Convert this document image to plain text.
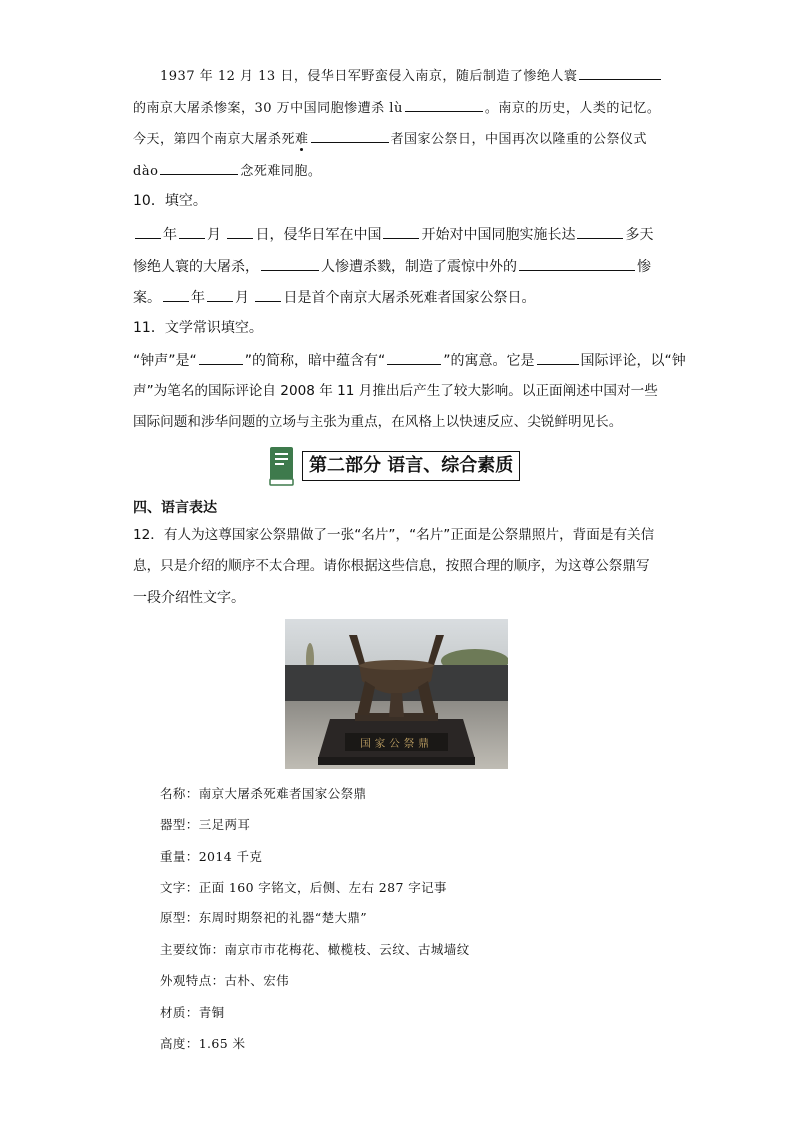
1937 年 12 月 13 日，侵华日军野蛮侵入南京，随后制造了惨绝人寰
的南京大屠杀惨案，30 万中国同胞惨遭杀 lù	。南京的历史，人类的记忆。
今天，第四个南京大屠杀死难	者国家公祭日，中国再次以隆重的公祭仪式
dào	念死难同胞。
10．填空。
年 月 日，侵华日军在中国	开始对中国同胞实施长达	多天
惨绝人寰的大屠杀，	人惨遭杀戮，制造了震惊中外的	惨
案。 年 月 日是首个南京大屠杀死难者国家公祭日。
11．文学常识填空。
“钟声”是“	”的简称，暗中蕴含有“	”的寓意。它是	国际评论，以“钟
声”为笔名的国际评论自 2008 年 11 月推出后产生了较大影响。以正面阐述中国对一些
国际问题和涉华问题的立场与主张为重点，在风格上以快速反应、尖锐鲜明见长。
第二部分 语言、综合素质
四、语言表达
12．有人为这尊国家公祭鼎做了一张“名片”，“名片”正面是公祭鼎照片，背面是有关信
息，只是介绍的顺序不太合理。请你根据这些信息，按照合理的顺序，为这尊公祭鼎写
一段介绍性文字。
国家公祭鼎
名称：南京大屠杀死难者国家公祭鼎
器型：三足两耳
重量：2014 千克
文字：正面 160 字铭文，后侧、左右 287 字记事
原型：东周时期祭祀的礼器“楚大鼎”
主要纹饰：南京市市花梅花、橄榄枝、云纹、古城墙纹
外观特点：古朴、宏伟
材质：青铜
高度：1.65 米
